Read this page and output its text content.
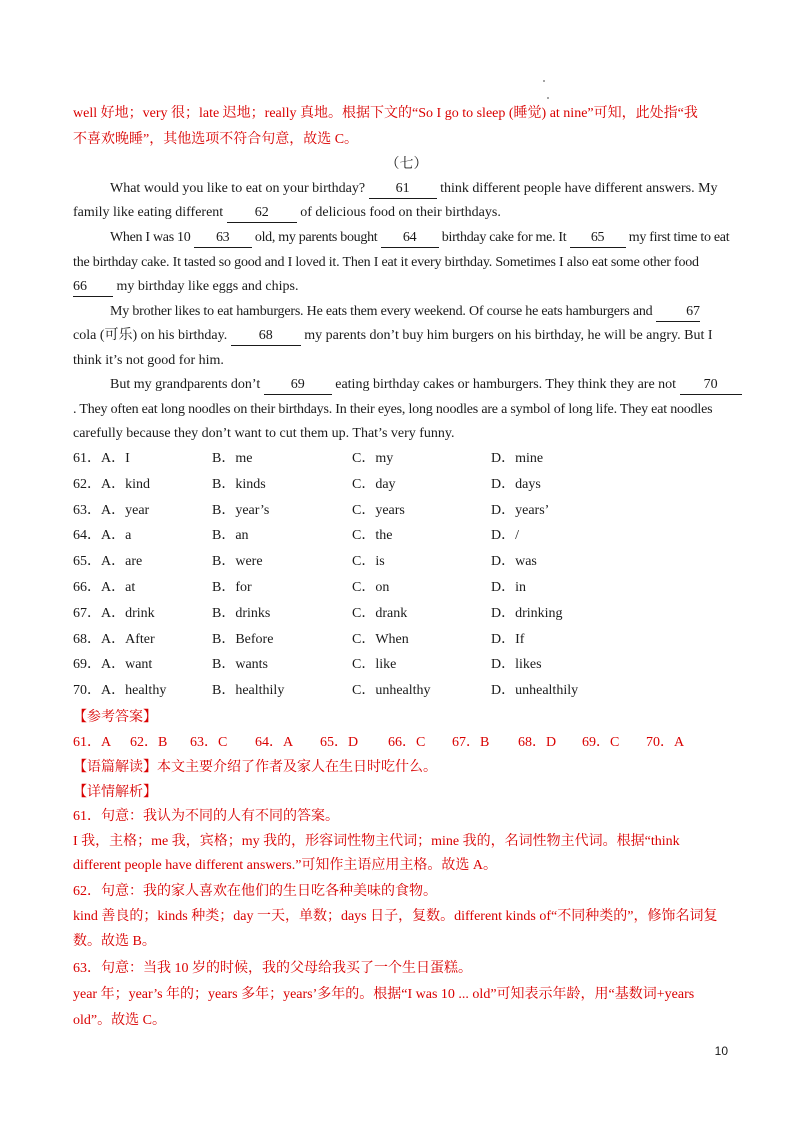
well 好地；very 很；late 迟地；really 真地。根据下文的“So I go to sleep (睡觉) at nine”可知，此处指“我
不喜欢晚睡”，其他选项不符合句意，故选 C。
（七）
What would you like to eat on your birthday? 61 think different people have different answers. My
family like eating different 62 of delicious food on their birthdays.
When I was 10 63 old, my parents bought 64 birthday cake for me. It 65 my first time to eat
the birthday cake. It tasted so good and I loved it. Then I eat it every birthday. Sometimes I also eat some other food
66 my birthday like eggs and chips.
My brother likes to eat hamburgers. He eats them every weekend. Of course he eats hamburgers and 67
cola (可乐) on his birthday. 68 my parents don’t buy him burgers on his birthday, he will be angry. But I
think it’s not good for him.
But my grandparents don’t 69 eating birthday cakes or hamburgers. They think they are not 70
. They often eat long noodles on their birthdays. In their eyes, long noodles are a symbol of long life. They eat noodles
carefully because they don’t want to cut them up. That’s very funny.
61． A．I	B．me	C．my	D．mine
62． A．kind	B．kinds	C．day	D．days
63． A．year	B．year’s	C．years	D．years’
64． A．a	B．an	C．the	D．/
65． A．are	B．were	C．is	D．was
66． A．at	B．for	C．on	D．in
67． A．drink	B．drinks	C．drank	D．drinking
68． A．After	B．Before	C．When	D．If
69． A．want	B．wants	C．like	D．likes
70． A．healthy	B．healthily	C．unhealthy	D．unhealthily
【参考答案】
61．A 62．B 63．C 64．A 65．D 66．C 67．B 68．D 69．C 70．A
【语篇解读】本文主要介绍了作者及家人在生日时吃什么。
【详情解析】
61．句意：我认为不同的人有不同的答案。
I 我，主格；me 我，宾格；my 我的，形容词性物主代词；mine 我的，名词性物主代词。根据“think
different people have different answers.”可知作主语应用主格。故选 A。
62．句意：我的家人喜欢在他们的生日吃各种美味的食物。
kind 善良的；kinds 种类；day 一天，单数；days 日子，复数。different kinds of“不同种类的”，修饰名词复
数。故选 B。
63．句意：当我 10 岁的时候，我的父母给我买了一个生日蛋糕。
year 年；year’s 年的；years 多年；years’多年的。根据“I was 10 ... old”可知表示年龄，用“基数词+years
old”。故选 C。
10
